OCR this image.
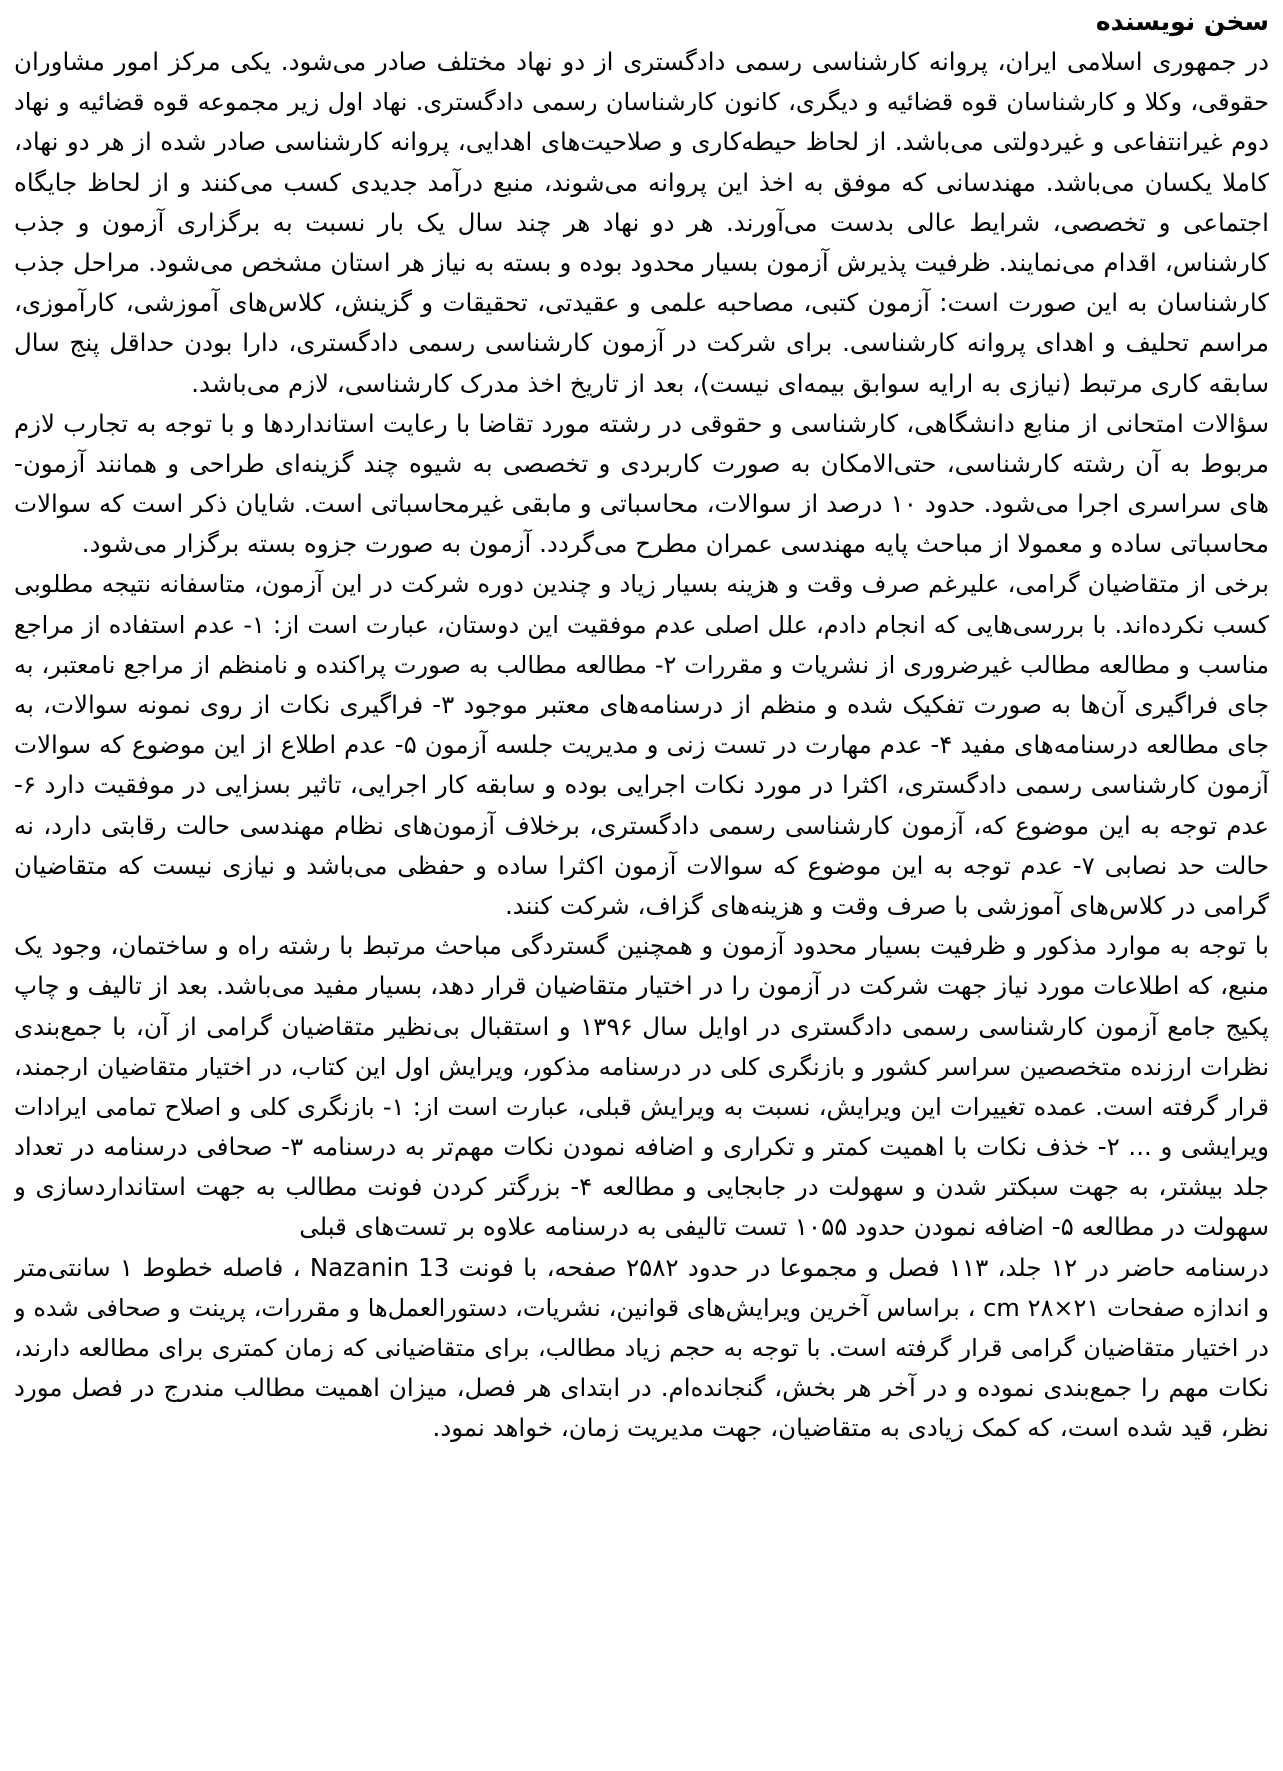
سخن نویسنده
در جمهوری اسلامی ایران، پروانه کارشناسی رسمی دادگستری از دو نهاد مختلف صادر می‌شود. یکی مرکز امور مشاوران
حقوقی، وکلا و کارشناسان قوه قضائیه و دیگری، کانون کارشناسان رسمی دادگستری. نهاد اول زیر مجموعه قوه قضائیه و نهاد
دوم غیرانتفاعی و غیردولتی می‌باشد. از لحاظ حیطه‌کاری و صلاحیت‌های اهدایی، پروانه کارشناسی صادر شده از هر دو نهاد،
کاملا یکسان می‌باشد. مهندسانی که موفق به اخذ این پروانه می‌شوند، منبع درآمد جدیدی کسب می‌کنند و از لحاظ جایگاه
اجتماعی و تخصصی، شرایط عالی بدست می‌آورند. هر دو نهاد هر چند سال یک بار نسبت به برگزاری آزمون و جذب
کارشناس، اقدام می‌نمایند. ظرفیت پذیرش آزمون بسیار محدود بوده و بسته به نیاز هر استان مشخص می‌شود. مراحل جذب
کارشناسان به این صورت است: آزمون کتبی، مصاحبه علمی و عقیدتی، تحقیقات و گزینش، کلاس‌های آموزشی، کارآموزی،
مراسم تحلیف و اهدای پروانه کارشناسی. برای شرکت در آزمون کارشناسی رسمی دادگستری، دارا بودن حداقل پنج سال
سابقه کاری مرتبط (نیازی به ارایه سوابق بیمه‌ای نیست)، بعد از تاریخ اخذ مدرک کارشناسی، لازم می‌باشد.
سؤالات امتحانی از منابع دانشگاهی، کارشناسی و حقوقی در رشته مورد تقاضا با رعایت استانداردها و با توجه به تجارب لازم
مربوط به آن رشته کارشناسی، حتی‌الامکان به صورت کاربردی و تخصصی به شیوه چند گزینه‌ای طراحی و همانند آزمون-
های سراسری اجرا می‌شود. حدود ۱۰ درصد از سوالات، محاسباتی و مابقی غیرمحاسباتی است. شایان ذکر است که سوالات
محاسباتی ساده و معمولا از مباحث پایه مهندسی عمران مطرح می‌گردد. آزمون به صورت جزوه بسته برگزار می‌شود.
برخی از متقاضیان گرامی، علیرغم صرف وقت و هزینه بسیار زیاد و چندین دوره شرکت در این آزمون، متاسفانه نتیجه مطلوبی
کسب نکرده‌اند. با بررسی‌هایی که انجام دادم، علل اصلی عدم موفقیت این دوستان، عبارت است از: ۱- عدم استفاده از مراجع
مناسب و مطالعه مطالب غیرضروری از نشریات و مقررات ۲- مطالعه مطالب به صورت پراکنده و نامنظم از مراجع نامعتبر، به
جای فراگیری آن‌ها به صورت تفکیک شده و منظم از درسنامه‌های معتبر موجود ۳- فراگیری نکات از روی نمونه سوالات، به
جای مطالعه درسنامه‌های مفید ۴- عدم مهارت در تست زنی و مدیریت جلسه آزمون ۵- عدم اطلاع از این موضوع که سوالات
آزمون کارشناسی رسمی دادگستری، اکثرا در مورد نکات اجرایی بوده و سابقه کار اجرایی، تاثیر بسزایی در موفقیت دارد ۶-
عدم توجه به این موضوع که، آزمون کارشناسی رسمی دادگستری، برخلاف آزمون‌های نظام مهندسی حالت رقابتی دارد، نه
حالت حد نصابی ۷- عدم توجه به این موضوع که سوالات آزمون اکثرا ساده و حفظی می‌باشد و نیازی نیست که متقاضیان
گرامی در کلاس‌های آموزشی با صرف وقت و هزینه‌های گزاف، شرکت کنند.
با توجه به موارد مذکور و ظرفیت بسیار محدود آزمون و همچنین گستردگی مباحث مرتبط با رشته راه و ساختمان، وجود یک
منبع، که اطلاعات مورد نیاز جهت شرکت در آزمون را در اختیار متقاضیان قرار دهد، بسیار مفید می‌باشد. بعد از تالیف و چاپ
پکیج جامع آزمون کارشناسی رسمی دادگستری در اوایل سال ۱۳۹۶ و استقبال بی‌نظیر متقاضیان گرامی از آن، با جمع‌بندی
نظرات ارزنده متخصصین سراسر کشور و بازنگری کلی در درسنامه مذکور، ویرایش اول این کتاب، در اختیار متقاضیان ارجمند،
قرار گرفته است. عمده تغییرات این ویرایش، نسبت به ویرایش قبلی، عبارت است از: ۱- بازنگری کلی و اصلاح تمامی ایرادات
ویرایشی و ... ۲- خذف نکات با اهمیت کمتر و تکراری و اضافه نمودن نکات مهم‌تر به درسنامه ۳- صحافی درسنامه در تعداد
جلد بیشتر، به جهت سبکتر شدن و سهولت در جابجایی و مطالعه ۴- بزرگتر کردن فونت مطالب به جهت استانداردسازی و
سهولت در مطالعه ۵- اضافه نمودن حدود ۱۰۵۵ تست تالیفی به درسنامه علاوه بر تست‌های قبلی
درسنامه حاضر در ۱۲ جلد، ۱۱۳ فصل و مجموعا در حدود ۲۵۸۲ صفحه، با فونت Nazanin 13 ، فاصله خطوط ۱ سانتی‌متر
و اندازه صفحات ۲۱×۲۸ cm ، براساس آخرین ویرایش‌های قوانین، نشریات، دستورالعمل‌ها و مقررات، پرینت و صحافی شده و
در اختیار متقاضیان گرامی قرار گرفته است. با توجه به حجم زیاد مطالب، برای متقاضیانی که زمان کمتری برای مطالعه دارند،
نکات مهم را جمع‌بندی نموده و در آخر هر بخش، گنجانده‌ام. در ابتدای هر فصل، میزان اهمیت مطالب مندرج در فصل مورد
نظر، قید شده است، که کمک زیادی به متقاضیان، جهت مدیریت زمان، خواهد نمود.
